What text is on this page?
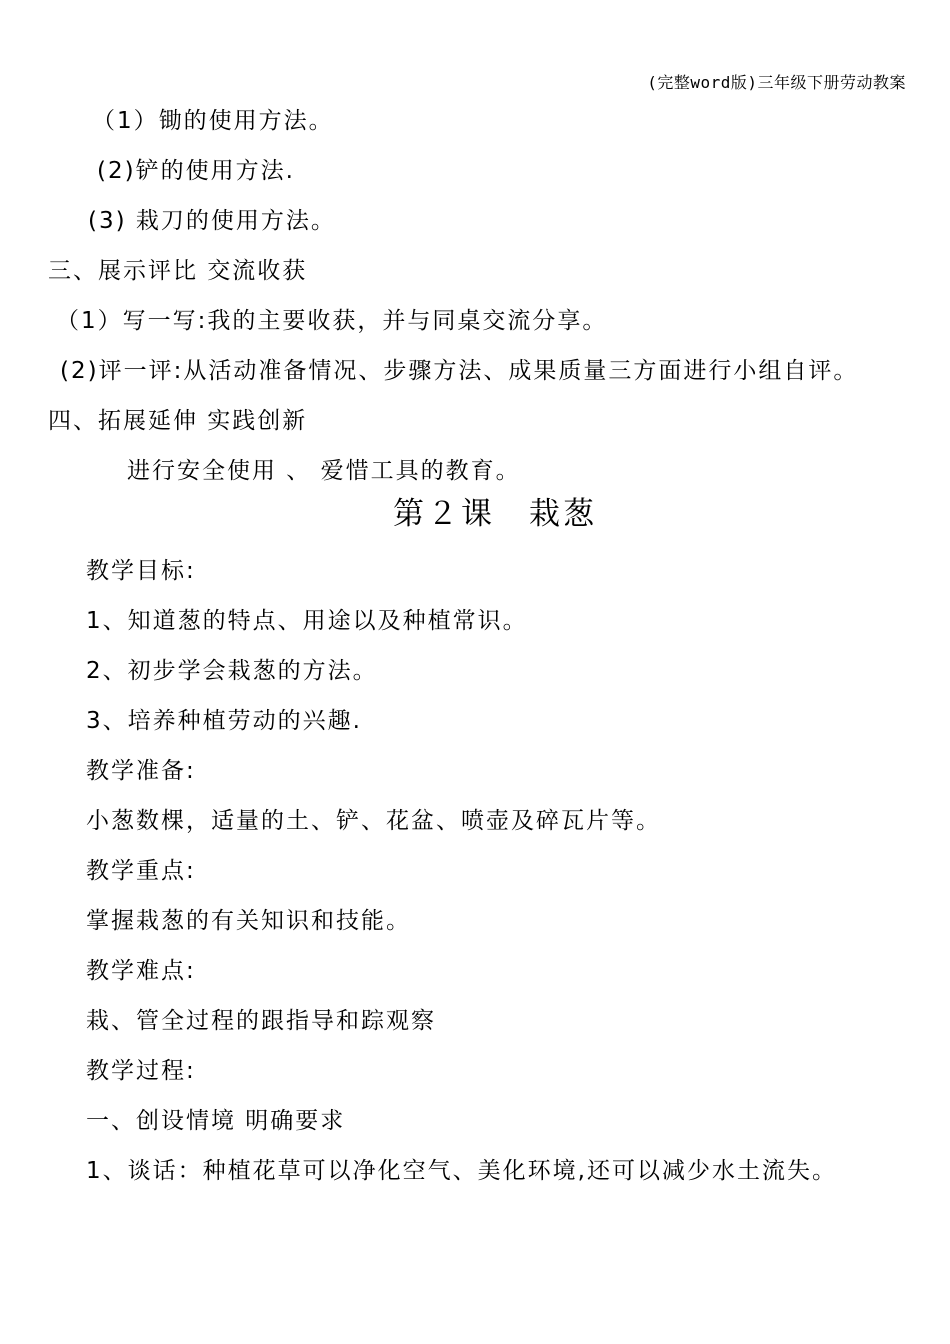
(完整word版)三年级下册劳动教案
（1）锄的使用方法。
(2)铲的使用方法.
(3) 栽刀的使用方法。
三、展示评比 交流收获
（1）写一写:我的主要收获，并与同桌交流分享。
(2)评一评:从活动准备情况、步骤方法、成果质量三方面进行小组自评。
四、拓展延伸 实践创新
进行安全使用 、 爱惜工具的教育。
第２课　栽葱
教学目标:
1、知道葱的特点、用途以及种植常识。
2、初步学会栽葱的方法。
3、培养种植劳动的兴趣.
教学准备:
小葱数棵，适量的土、铲、花盆、喷壶及碎瓦片等。
教学重点:
掌握栽葱的有关知识和技能。
教学难点:
栽、管全过程的跟指导和踪观察
教学过程:
一、创设情境 明确要求
1、谈话：种植花草可以净化空气、美化环境,还可以减少水土流失。
